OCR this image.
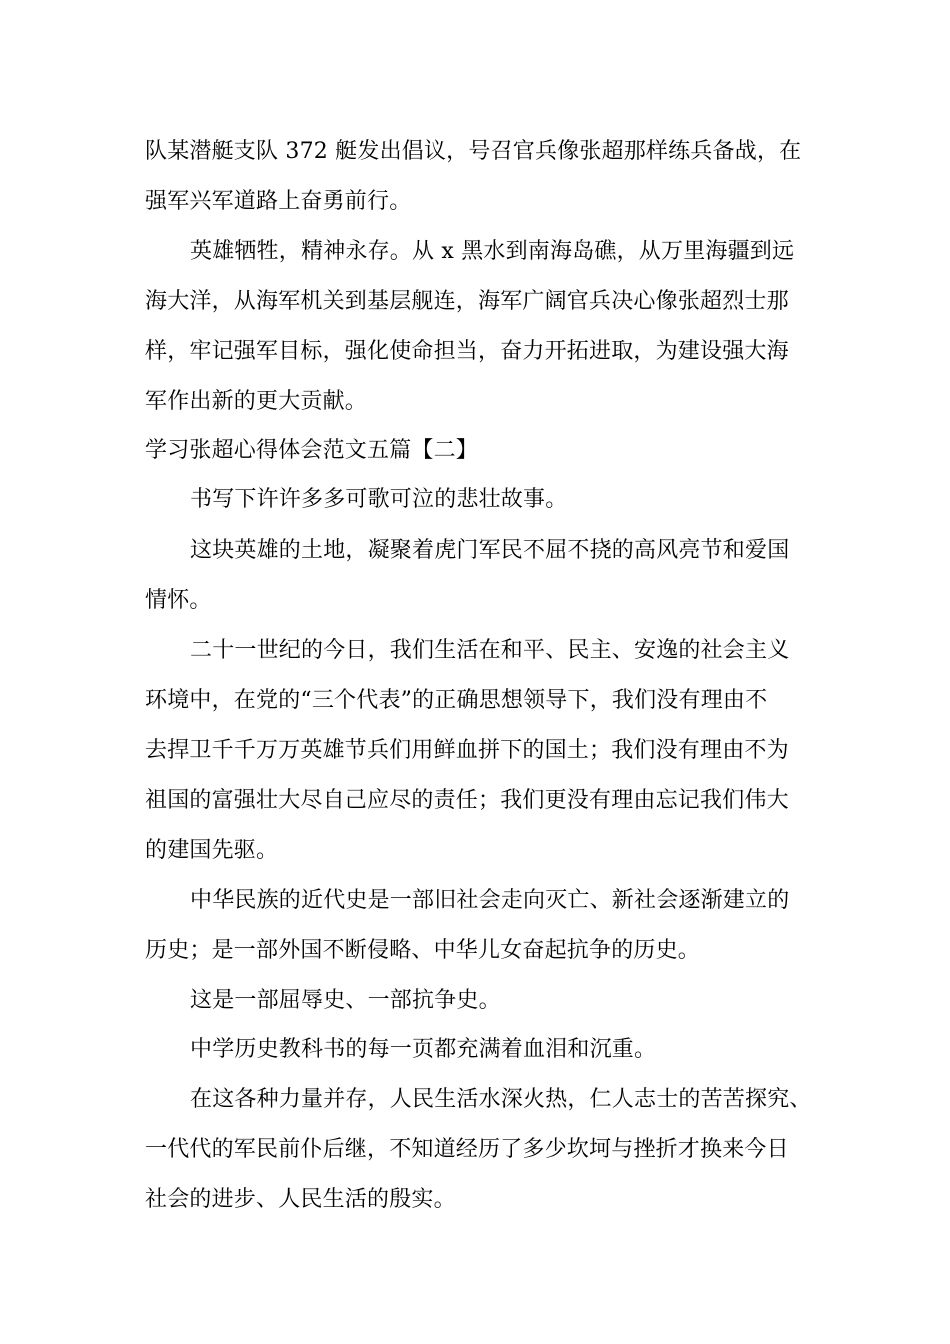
队某潜艇支队 372 艇发出倡议，号召官兵像张超那样练兵备战，在
强军兴军道路上奋勇前行。
英雄牺牲，精神永存。从 x 黑水到南海岛礁，从万里海疆到远
海大洋，从海军机关到基层舰连，海军广阔官兵决心像张超烈士那
样，牢记强军目标，强化使命担当，奋力开拓进取，为建设强大海
军作出新的更大贡献。
学习张超心得体会范文五篇【二】
书写下许许多多可歌可泣的悲壮故事。
这块英雄的土地，凝聚着虎门军民不屈不挠的高风亮节和爱国
情怀。
二十一世纪的今日，我们生活在和平、民主、安逸的社会主义
环境中，在党的“三个代表”的正确思想领导下，我们没有理由不
去捍卫千千万万英雄节兵们用鲜血拼下的国土；我们没有理由不为
祖国的富强壮大尽自己应尽的责任；我们更没有理由忘记我们伟大
的建国先驱。
中华民族的近代史是一部旧社会走向灭亡、新社会逐渐建立的
历史；是一部外国不断侵略、中华儿女奋起抗争的历史。
这是一部屈辱史、一部抗争史。
中学历史教科书的每一页都充满着血泪和沉重。
在这各种力量并存，人民生活水深火热，仁人志士的苦苦探究、
一代代的军民前仆后继，不知道经历了多少坎坷与挫折才换来今日
社会的进步、人民生活的殷实。
